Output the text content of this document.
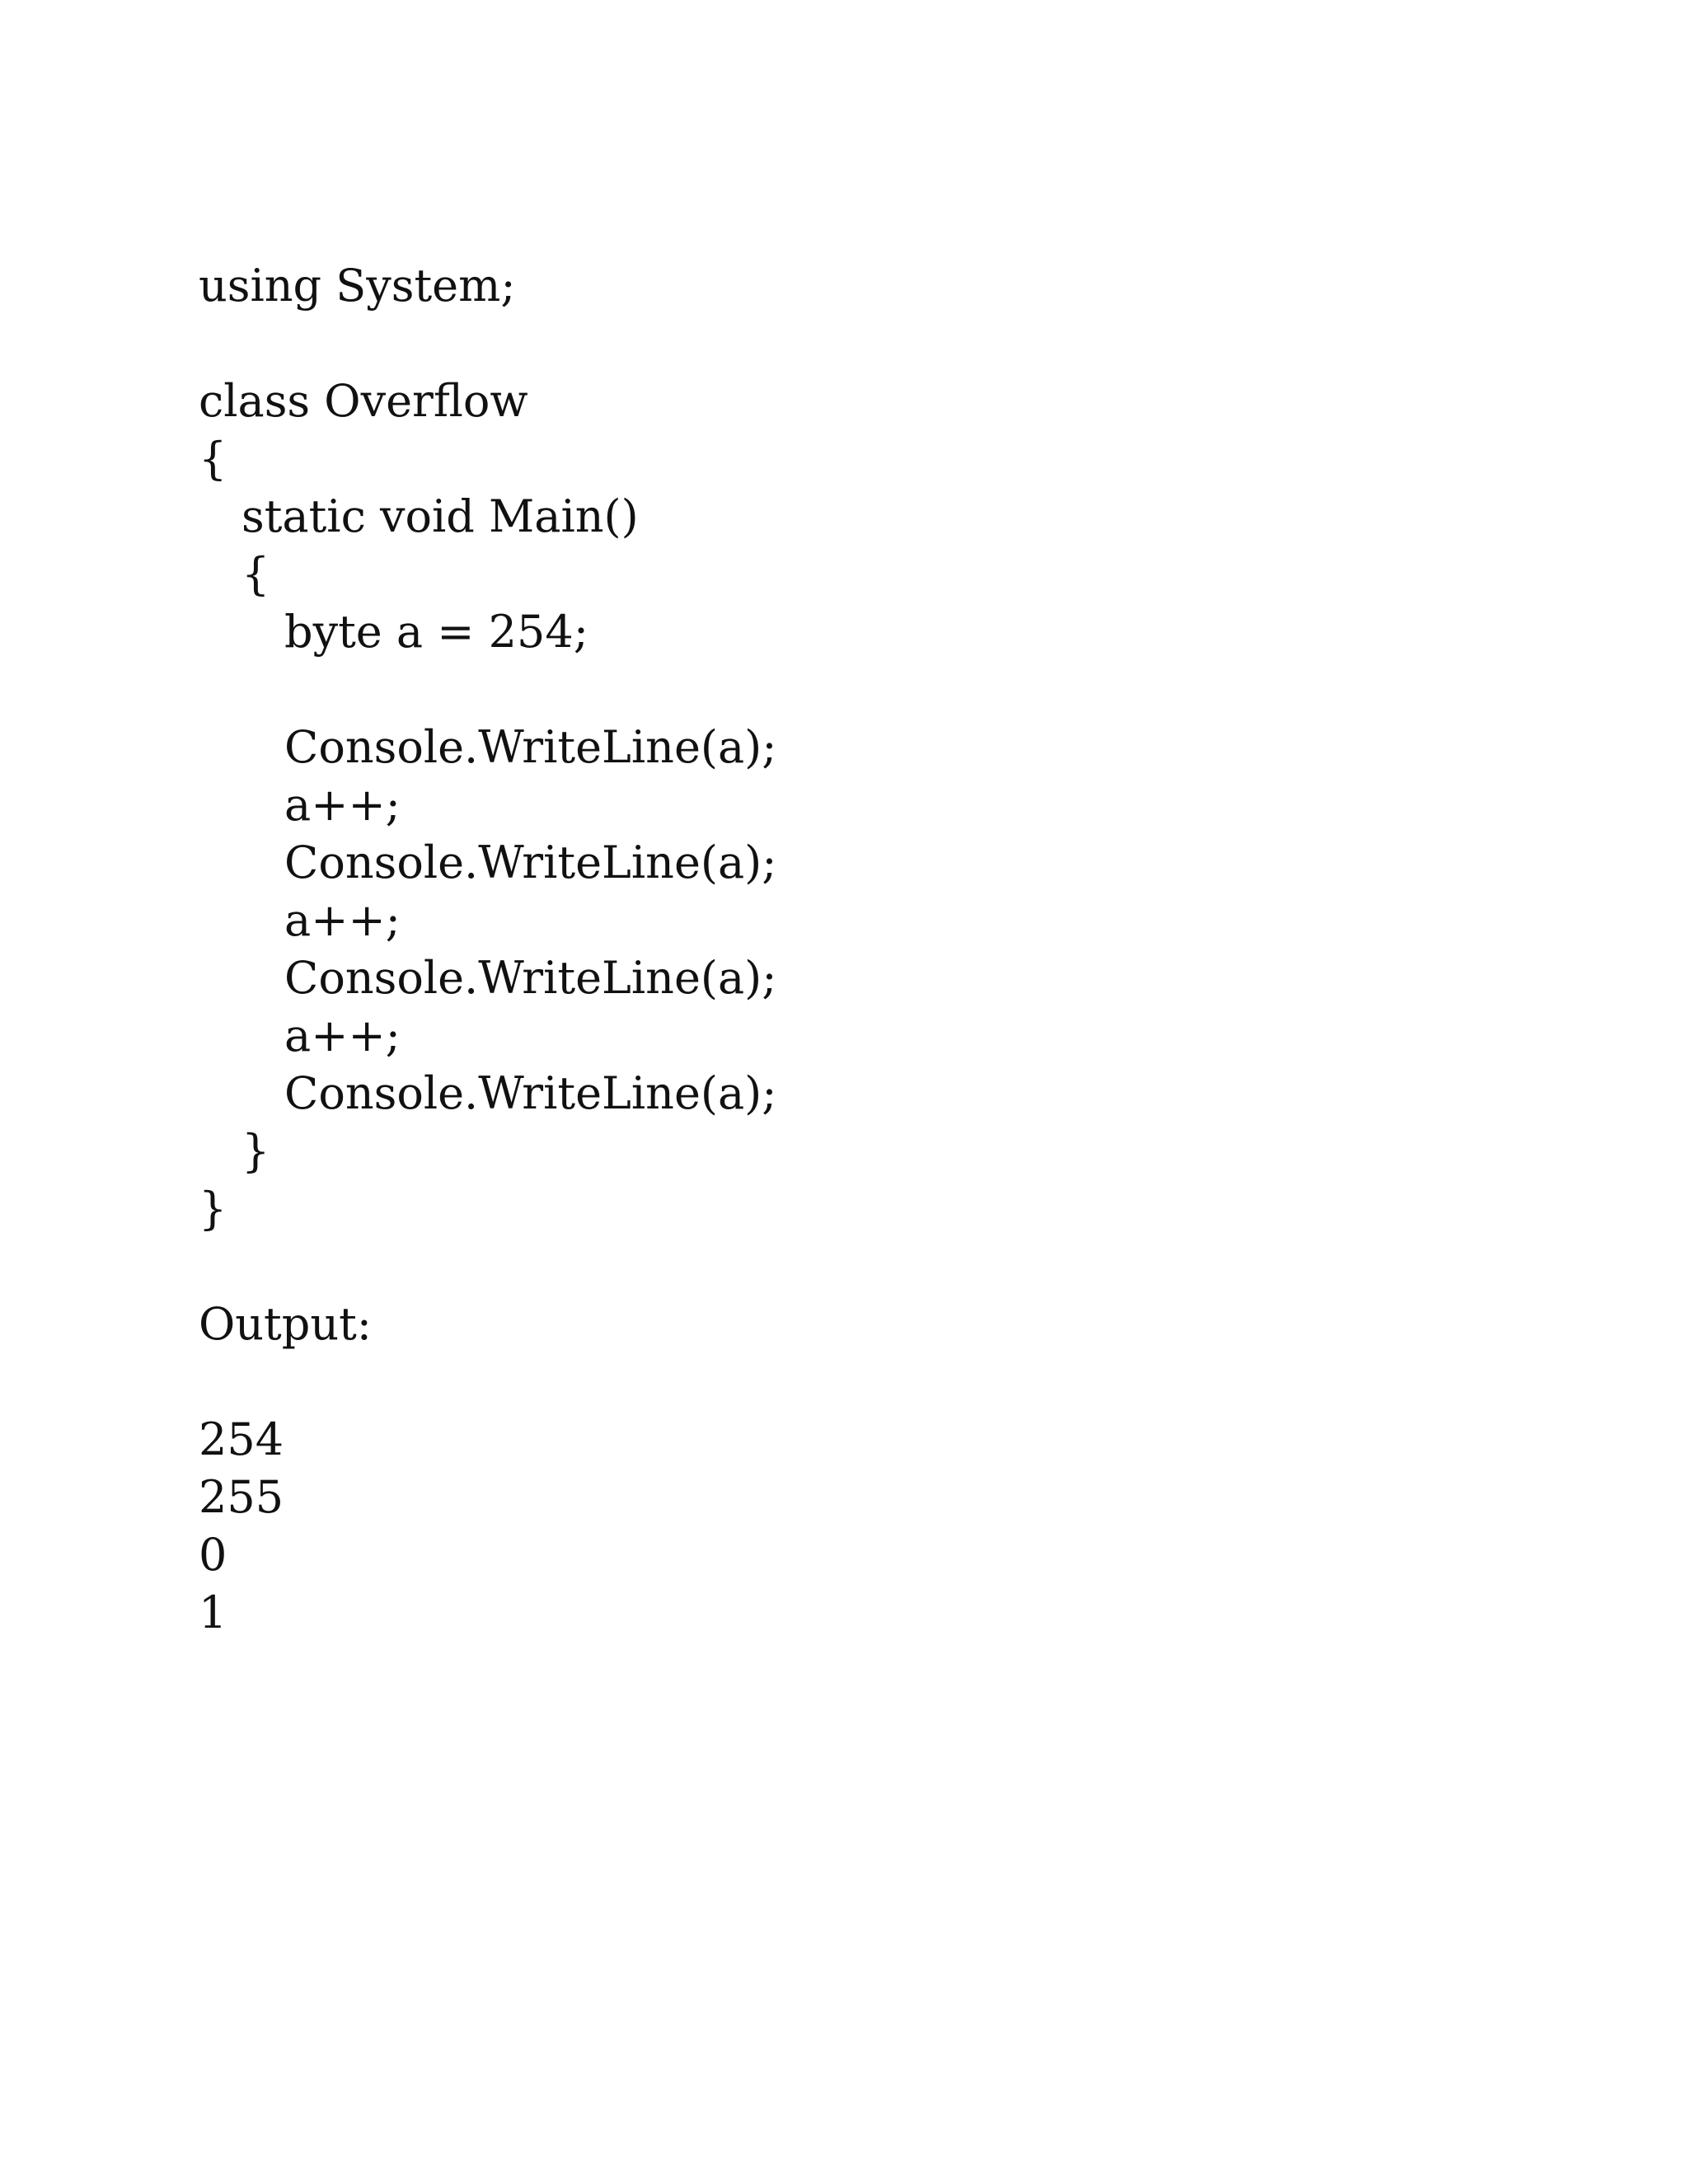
using System;
class Overflow
{
static void Main()
{
byte a = 254;
Console.WriteLine(a);
a++;
Console.WriteLine(a);
a++;
Console.WriteLine(a);
a++;
Console.WriteLine(a);
}
}
Output:
254
255
0
1
